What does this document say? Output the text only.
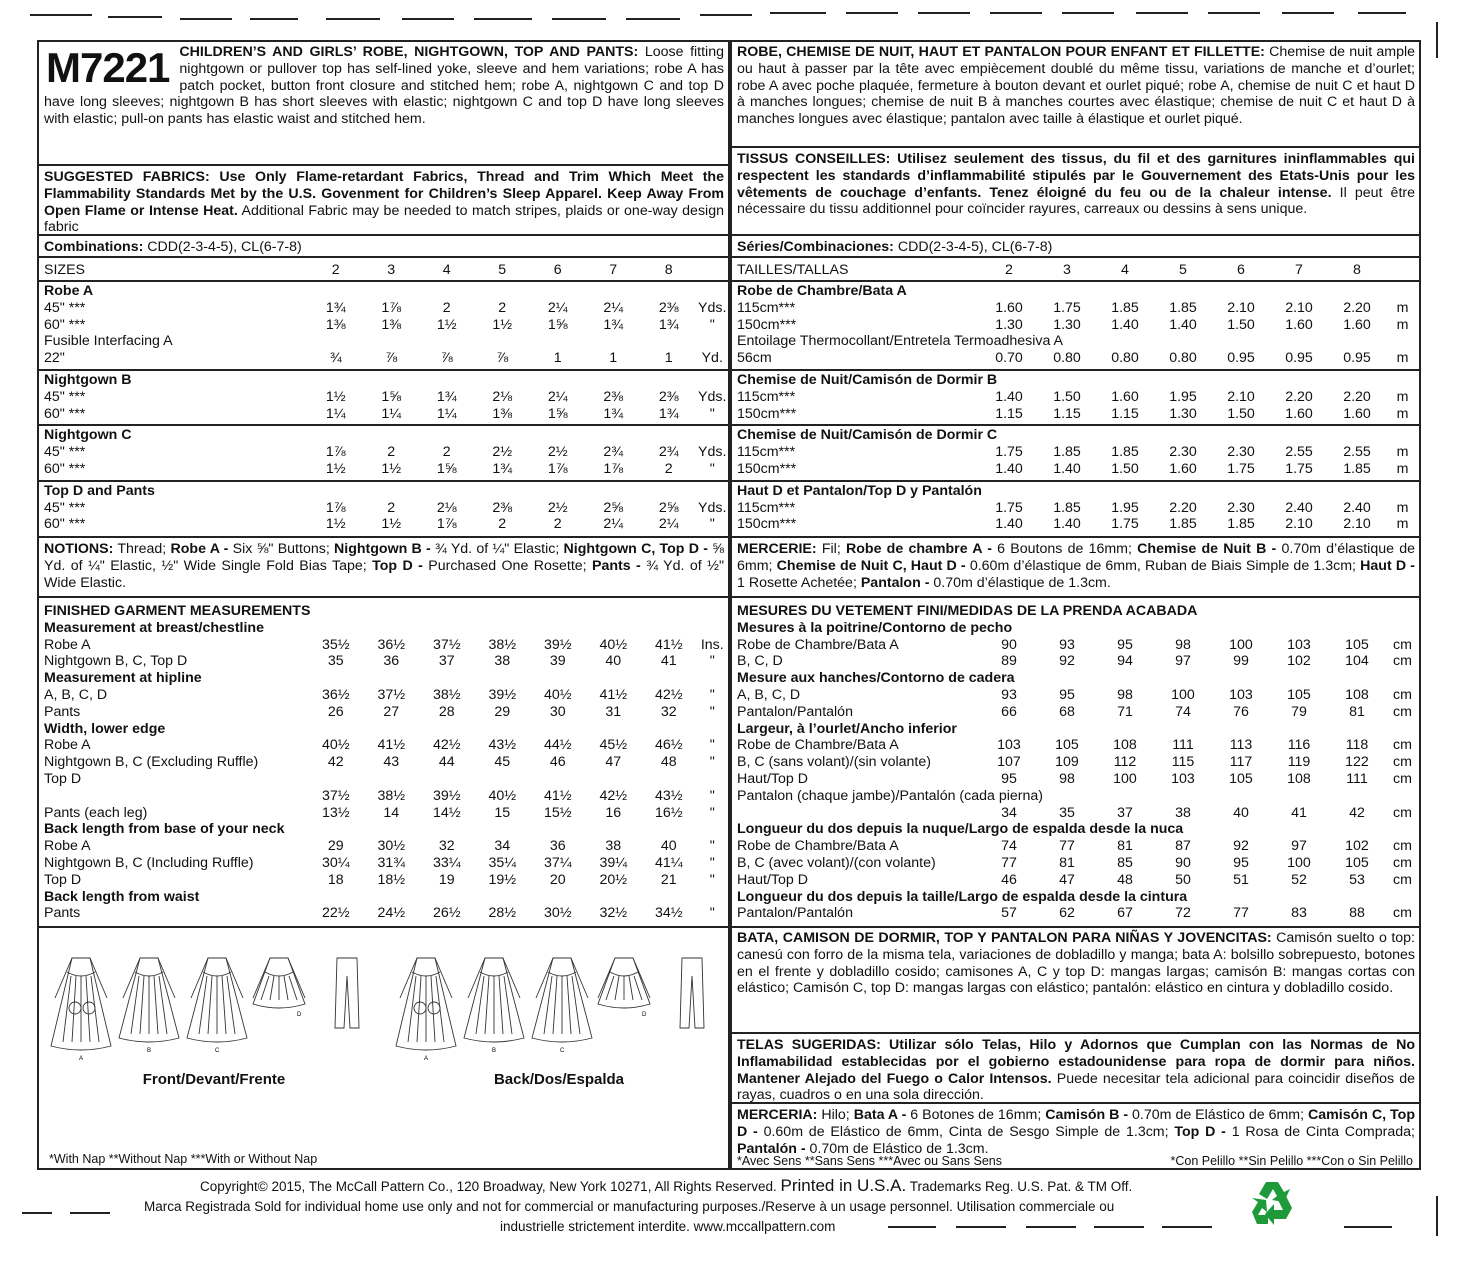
M7221 CHILDREN’S AND GIRLS’ ROBE, NIGHTGOWN, TOP AND PANTS: Loose fitting nightgown or pullover top has self-lined yoke, sleeve and hem variations; robe A has patch pocket, button front closure and stitched hem; robe A, nightgown C and top D have long sleeves; nightgown B has short sleeves with elastic; nightgown C and top D have long sleeves with elastic; pull-on pants has elastic waist and stitched hem.
SUGGESTED FABRICS: Use Only Flame-retardant Fabrics, Thread and Trim Which Meet the Flammability Standards Met by the U.S. Govenment for Children’s Sleep Apparel. Keep Away From Open Flame or Intense Heat. Additional Fabric may be needed to match stripes, plaids or one-way design fabric
Combinations: CDD(2-3-4-5), CL(6-7-8)
SIZES	2	3	4	5	6	7	8
Robe A
45" ***	1¾	1⅞	2	2	2¼	2¼	2⅜	Yds.
60" ***	1⅜	1⅜	1½	1½	1⅝	1¾	1¾	"
Fusible Interfacing A
22"	¾	⅞	⅞	⅞	1	1	1	Yd.
Nightgown B
45" ***	1½	1⅝	1¾	2⅛	2¼	2⅜	2⅜	Yds.
60" ***	1¼	1¼	1¼	1⅜	1⅝	1¾	1¾	"
Nightgown C
45" ***	1⅞	2	2	2½	2½	2¾	2¾	Yds.
60" ***	1½	1½	1⅝	1¾	1⅞	1⅞	2	"
Top D and Pants
45" ***	1⅞	2	2⅛	2⅜	2½	2⅝	2⅝	Yds.
60" ***	1½	1½	1⅞	2	2	2¼	2¼	"
NOTIONS: Thread; Robe A - Six ⅝" Buttons; Nightgown B - ¾ Yd. of ¼" Elastic; Nightgown C, Top D - ⅝ Yd. of ¼" Elastic, ½" Wide Single Fold Bias Tape; Top D - Purchased One Rosette; Pants - ¾ Yd. of ½" Wide Elastic.
FINISHED GARMENT MEASUREMENTS
Measurement at breast/chestline
Robe A	35½	36½	37½	38½	39½	40½	41½	Ins.
Nightgown B, C, Top D	35	36	37	38	39	40	41	"
Measurement at hipline
A, B, C, D	36½	37½	38½	39½	40½	41½	42½	"
Pants	26	27	28	29	30	31	32	"
Width, lower edge
Robe A	40½	41½	42½	43½	44½	45½	46½	"
Nightgown B, C (Excluding Ruffle)	42	43	44	45	46	47	48	"
Top D
37½	38½	39½	40½	41½	42½	43½	"
Pants (each leg)	13½	14	14½	15	15½	16	16½	"
Back length from base of your neck
Robe A	29	30½	32	34	36	38	40	"
Nightgown B, C (Including Ruffle)	30¼	31¾	33¼	35¼	37¼	39¼	41¼	"
Top D	18	18½	19	19½	20	20½	21	"
Back length from waist
Pants	22½	24½	26½	28½	30½	32½	34½	"
A
B	C
D
A
B	C
D
Front/Devant/Frente	Back/Dos/Espalda
*With Nap **Without Nap ***With or Without Nap
ROBE, CHEMISE DE NUIT, HAUT ET PANTALON POUR ENFANT ET FILLETTE: Chemise de nuit ample ou haut à passer par la tête avec empiècement doublé du même tissu, variations de manche et d’ourlet; robe A avec poche plaquée, fermeture à bouton devant et ourlet piqué; robe A, chemise de nuit C et haut D à manches longues; chemise de nuit B à manches courtes avec élastique; chemise de nuit C et haut D à manches longues avec élastique; pantalon avec taille à élastique et ourlet piqué.
TISSUS CONSEILLES: Utilisez seulement des tissus, du fil et des garnitures ininflammables qui respectent les standards d’inflammabilité stipulés par le Gouvernement des Etats-Unis pour les vêtements de couchage d’enfants. Tenez éloigné du feu ou de la chaleur intense. Il peut être nécessaire du tissu additionnel pour coïncider rayures, carreaux ou dessins à sens unique.
Séries/Combinaciones: CDD(2-3-4-5), CL(6-7-8)
TAILLES/TALLAS	2	3	4	5	6	7	8
Robe de Chambre/Bata A
115cm***	1.60	1.75	1.85	1.85	2.10	2.10	2.20	m
150cm***	1.30	1.30	1.40	1.40	1.50	1.60	1.60	m
Entoilage Thermocollant/Entretela Termoadhesiva A
56cm	0.70	0.80	0.80	0.80	0.95	0.95	0.95	m
Chemise de Nuit/Camisón de Dormir B
115cm***	1.40	1.50	1.60	1.95	2.10	2.20	2.20	m
150cm***	1.15	1.15	1.15	1.30	1.50	1.60	1.60	m
Chemise de Nuit/Camisón de Dormir C
115cm***	1.75	1.85	1.85	2.30	2.30	2.55	2.55	m
150cm***	1.40	1.40	1.50	1.60	1.75	1.75	1.85	m
Haut D et Pantalon/Top D y Pantalón
115cm***	1.75	1.85	1.95	2.20	2.30	2.40	2.40	m
150cm***	1.40	1.40	1.75	1.85	1.85	2.10	2.10	m
MERCERIE: Fil; Robe de chambre A - 6 Boutons de 16mm; Chemise de Nuit B - 0.70m d’élastique de 6mm; Chemise de Nuit C, Haut D - 0.60m d’élastique de 6mm, Ruban de Biais Simple de 1.3cm; Haut D - 1 Rosette Achetée; Pantalon - 0.70m d’élastique de 1.3cm.
MESURES DU VETEMENT FINI/MEDIDAS DE LA PRENDA ACABADA
Mesures à la poitrine/Contorno de pecho
Robe de Chambre/Bata A	90	93	95	98	100	103	105	cm
B, C, D	89	92	94	97	99	102	104	cm
Mesure aux hanches/Contorno de cadera
A, B, C, D	93	95	98	100	103	105	108	cm
Pantalon/Pantalón	66	68	71	74	76	79	81	cm
Largeur, à l’ourlet/Ancho inferior
Robe de Chambre/Bata A	103	105	108	111	113	116	118	cm
B, C (sans volant)/(sin volante)	107	109	112	115	117	119	122	cm
Haut/Top D	95	98	100	103	105	108	111	cm
Pantalon (chaque jambe)/Pantalón (cada pierna)
34	35	37	38	40	41	42	cm
Longueur du dos depuis la nuque/Largo de espalda desde la nuca
Robe de Chambre/Bata A	74	77	81	87	92	97	102	cm
B, C (avec volant)/(con volante)	77	81	85	90	95	100	105	cm
Haut/Top D	46	47	48	50	51	52	53	cm
Longueur du dos depuis la taille/Largo de espalda desde la cintura
Pantalon/Pantalón	57	62	67	72	77	83	88	cm
BATA, CAMISON DE DORMIR, TOP Y PANTALON PARA NIÑAS Y JOVENCITAS: Camisón suelto o top: canesú con forro de la misma tela, variaciones de dobladillo y manga; bata A: bolsillo sobrepuesto, botones en el frente y dobladillo cosido; camisones A, C y top D: mangas largas; camisón B: mangas cortas con elástico; Camisón C, top D: mangas largas con elástico; pantalón: elástico en cintura y dobladillo cosido.
TELAS SUGERIDAS: Utilizar sólo Telas, Hilo y Adornos que Cumplan con las Normas de No Inflamabilidad establecidas por el gobierno estadounidense para ropa de dormir para niños. Mantener Alejado del Fuego o Calor Intensos. Puede necesitar tela adicional para coincidir diseños de rayas, cuadros o en una sola dirección.
MERCERIA: Hilo; Bata A - 6 Botones de 16mm; Camisón B - 0.70m de Elástico de 6mm; Camisón C, Top D - 0.60m de Elástico de 6mm, Cinta de Sesgo Simple de 1.3cm; Top D - 1 Rosa de Cinta Comprada; Pantalón - 0.70m de Elástico de 1.3cm.
*Avec Sens **Sans Sens ***Avec ou Sans Sens	*Con Pelillo **Sin Pelillo ***Con o Sin Pelillo
Copyright© 2015, The McCall Pattern Co., 120 Broadway, New York 10271, All Rights Reserved. Printed in U.S.A. Trademarks Reg. U.S. Pat. & TM Off.
Marca Registrada Sold for individual home use only and not for commercial or manufacturing purposes./Reserve à un usage personnel. Utilisation commerciale ou
industrielle strictement interdite. www.mccallpattern.com
